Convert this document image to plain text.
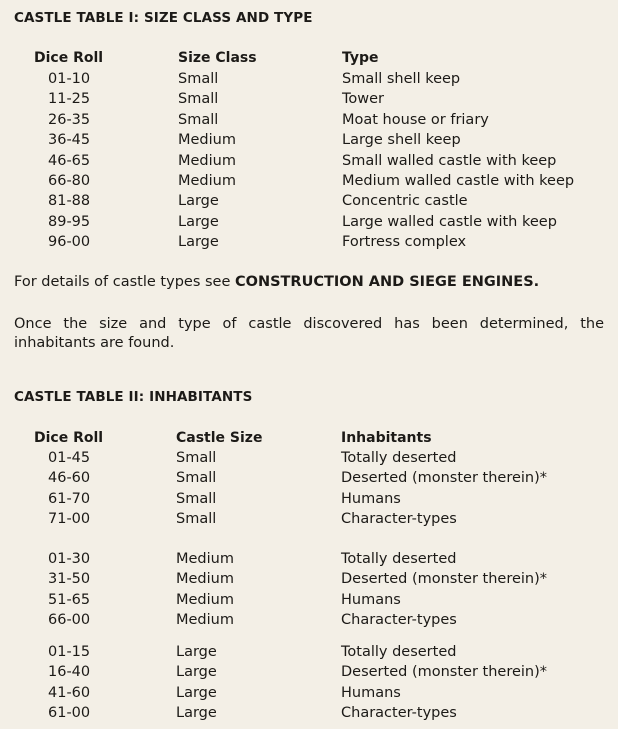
CASTLE TABLE I: SIZE CLASS AND TYPE
Dice Roll	Size Class	Type
01-10	Small	Small shell keep
11-25	Small	Tower
26-35	Small	Moat house or friary
36-45	Medium	Large shell keep
46-65	Medium	Small walled castle with keep
66-80	Medium	Medium walled castle with keep
81-88	Large	Concentric castle
89-95	Large	Large walled castle with keep
96-00	Large	Fortress complex
For details of castle types see CONSTRUCTION AND SIEGE ENGINES.
Once the size and type of castle discovered has been determined, the inhabitants are found.
CASTLE TABLE II: INHABITANTS
Dice Roll	Castle Size	Inhabitants
01-45	Small	Totally deserted
46-60	Small	Deserted (monster therein)*
61-70	Small	Humans
71-00	Small	Character-types
01-30	Medium	Totally deserted
31-50	Medium	Deserted (monster therein)*
51-65	Medium	Humans
66-00	Medium	Character-types
01-15	Large	Totally deserted
16-40	Large	Deserted (monster therein)*
41-60	Large	Humans
61-00	Large	Character-types
